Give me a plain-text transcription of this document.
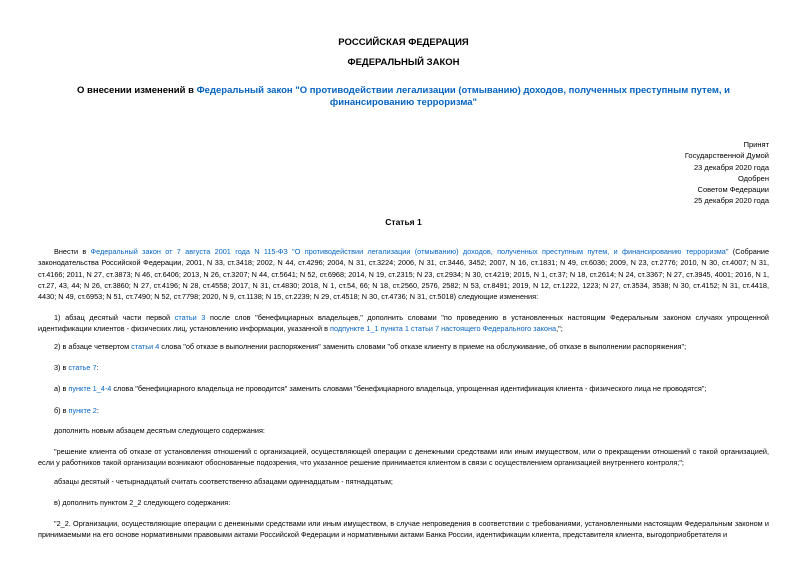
РОССИЙСКАЯ ФЕДЕРАЦИЯ
ФЕДЕРАЛЬНЫЙ ЗАКОН
О внесении изменений в Федеральный закон "О противодействии легализации (отмыванию) доходов, полученных преступным путем, и финансированию терроризма"
Принят
Государственной Думой
23 декабря 2020 года
Одобрен
Советом Федерации
25 декабря 2020 года
Статья 1
Внести в Федеральный закон от 7 августа 2001 года N 115-ФЗ "О противодействии легализации (отмыванию) доходов, полученных преступным путем, и финансированию терроризма" (Собрание законодательства Российской Федерации, 2001, N 33, ст.3418; 2002, N 44, ст.4296; 2004, N 31, ст.3224; 2006, N 31, ст.3446, 3452; 2007, N 16, ст.1831; N 49, ст.6036; 2009, N 23, ст.2776; 2010, N 30, ст.4007; N 31, ст.4166; 2011, N 27, ст.3873; N 46, ст.6406; 2013, N 26, ст.3207; N 44, ст.5641; N 52, ст.6968; 2014, N 19, ст.2315; N 23, ст.2934; N 30, ст.4219; 2015, N 1, ст.37; N 18, ст.2614; N 24, ст.3367; N 27, ст.3945, 4001; 2016, N 1, ст.27, 43, 44; N 26, ст.3860; N 27, ст.4196; N 28, ст.4558; 2017, N 31, ст.4830; 2018, N 1, ст.54, 66; N 18, ст.2560, 2576, 2582; N 53, ст.8491; 2019, N 12, ст.1222, 1223; N 27, ст.3534, 3538; N 30, ст.4152; N 31, ст.4418, 4430; N 49, ст.6953; N 51, ст.7490; N 52, ст.7798; 2020, N 9, ст.1138; N 15, ст.2239; N 29, ст.4518; N 30, ст.4736; N 31, ст.5018) следующие изменения:
1) абзац десятый части первой статьи 3 после слов "бенефициарных владельцев," дополнить словами "по проведению в установленных настоящим Федеральным законом случаях упрощенной идентификации клиентов - физических лиц, установлению информации, указанной в подпункте 1_1 пункта 1 статьи 7 настоящего Федерального закона,";
2) в абзаце четвертом статьи 4 слова "об отказе в выполнении распоряжения" заменить словами "об отказе клиенту в приеме на обслуживание, об отказе в выполнении распоряжения";
3) в статье 7:
а) в пункте 1_4-4 слова "бенефициарного владельца не проводится" заменить словами "бенефициарного владельца, упрощенная идентификация клиента - физического лица не проводятся";
б) в пункте 2:
дополнить новым абзацем десятым следующего содержания:
"решение клиента об отказе от установления отношений с организацией, осуществляющей операции с денежными средствами или иным имуществом, или о прекращении отношений с такой организацией, если у работников такой организации возникают обоснованные подозрения, что указанное решение принимается клиентом в связи с осуществлением организацией внутреннего контроля;";
абзацы десятый - четырнадцатый считать соответственно абзацами одиннадцатым - пятнадцатым;
в) дополнить пунктом 2_2 следующего содержания:
"2_2. Организации, осуществляющие операции с денежными средствами или иным имуществом, в случае непроведения в соответствии с требованиями, установленными настоящим Федеральным законом и принимаемыми на его основе нормативными правовыми актами Российской Федерации и нормативными актами Банка России, идентификации клиента, представителя клиента, выгодоприобретателя и
